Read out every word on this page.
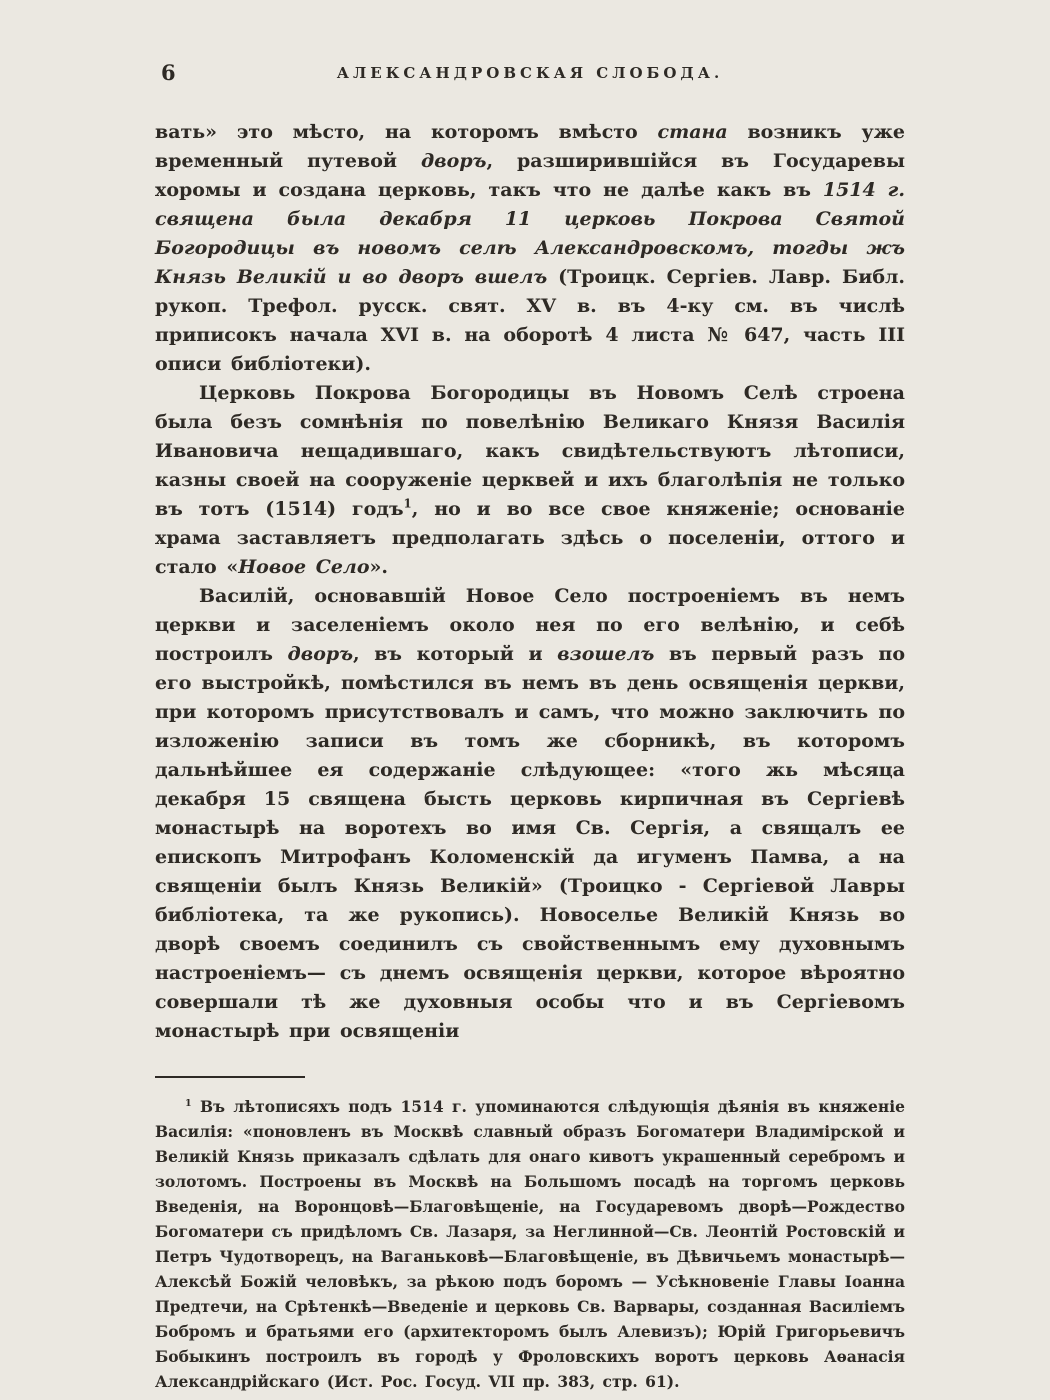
6	АЛЕКСАНДРОВСКАЯ СЛОБОДА.

вать» это мѣсто, на которомъ вмѣсто стана возникъ уже временный путевой дворъ, разширившійся въ Государевы хоромы и создана церковь, такъ что не далѣе какъ въ 1514 г. священа была декабря 11 церковь Покрова Святой Богородицы въ новомъ селѣ Александровскомъ, тогды жъ Князь Великій и во дворъ вшелъ (Троицк. Сергіев. Лавр. Библ. рукоп. Трефол. русск. свят. XV в. въ 4-ку см. въ числѣ приписокъ начала XVI в. на оборотѣ 4 листа № 647, часть III описи библіотеки).

Церковь Покрова Богородицы въ Новомъ Селѣ строена была безъ сомнѣнія по повелѣнію Великаго Князя Василія Ивановича нещадившаго, какъ свидѣтельствуютъ лѣтописи, казны своей на сооруженіе церквей и ихъ благолѣпія не только въ тотъ (1514) годъ$^1$, но и во все свое княженіе; основаніе храма заставляетъ предполагать здѣсь о поселеніи, оттого и стало «Новое Село».

Василій, основавшій Новое Село построеніемъ въ немъ церкви и заселеніемъ около нея по его велѣнію, и себѣ построилъ дворъ, въ который и взошелъ въ первый разъ по его выстройкѣ, помѣстился въ немъ въ день освященія церкви, при которомъ присутствовалъ и самъ, что можно заключить по изложенію записи въ томъ же сборникѣ, въ которомъ дальнѣйшее ея содержаніе слѣдующее: «того жь мѣсяца декабря 15 священа бысть церковь кирпичная въ Сергіевѣ монастырѣ на воротехъ во имя Св. Сергія, а свящалъ ее епископъ Митрофанъ Коломенскій да игуменъ Памва, а на священіи былъ Князь Великій» (Троицко - Сергіевой Лавры библіотека, та же рукопись). Новоселье Великій Князь во дворѣ своемъ соединилъ съ свойственнымъ ему духовнымъ настроеніемъ— съ днемъ освященія церкви, которое вѣроятно совершали тѣ же духовныя особы что и въ Сергіевомъ монастырѣ при освященіи

$^1$ Въ лѣтописяхъ подъ 1514 г. упоминаются слѣдующія дѣянія въ княженіе Василія: «поновленъ въ Москвѣ славный образъ Богоматери Владимірской и Великій Князь приказалъ сдѣлать для онаго кивотъ украшенный серебромъ и золотомъ. Построены въ Москвѣ на Большомъ посадѣ на торгомъ церковь Введенія, на Воронцовѣ—Благовѣщеніе, на Государевомъ дворѣ—Рождество Богоматери съ придѣломъ Св. Лазаря, за Неглинной—Св. Леонтій Ростовскій и Петръ Чудотворецъ, на Ваганьковѣ—Благовѣщеніе, въ Дѣвичьемъ монастырѣ— Алексѣй Божій человѣкъ, за рѣкою подъ боромъ — Усѣкновеніе Главы Іоанна Предтечи, на Срѣтенкѣ—Введеніе и церковь Св. Варвары, созданная Василіемъ Бобромъ и братьями его (архитекторомъ былъ Алевизъ); Юрій Григорьевичъ Бобыкинъ построилъ въ городѣ у Фроловскихъ воротъ церковь Аѳанасія Александрійскаго (Ист. Рос. Госуд. VII пр. 383, стр. 61).
